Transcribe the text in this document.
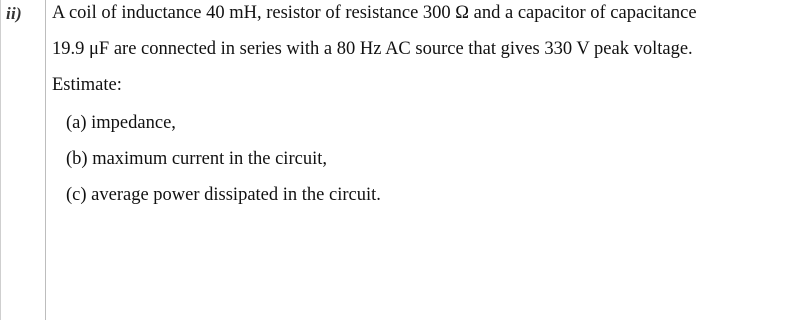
ii) A coil of inductance 40 mH, resistor of resistance 300 Ω and a capacitor of capacitance
19.9 μF are connected in series with a 80 Hz AC source that gives 330 V peak voltage.
Estimate:
(a) impedance,
(b) maximum current in the circuit,
(c) average power dissipated in the circuit.
